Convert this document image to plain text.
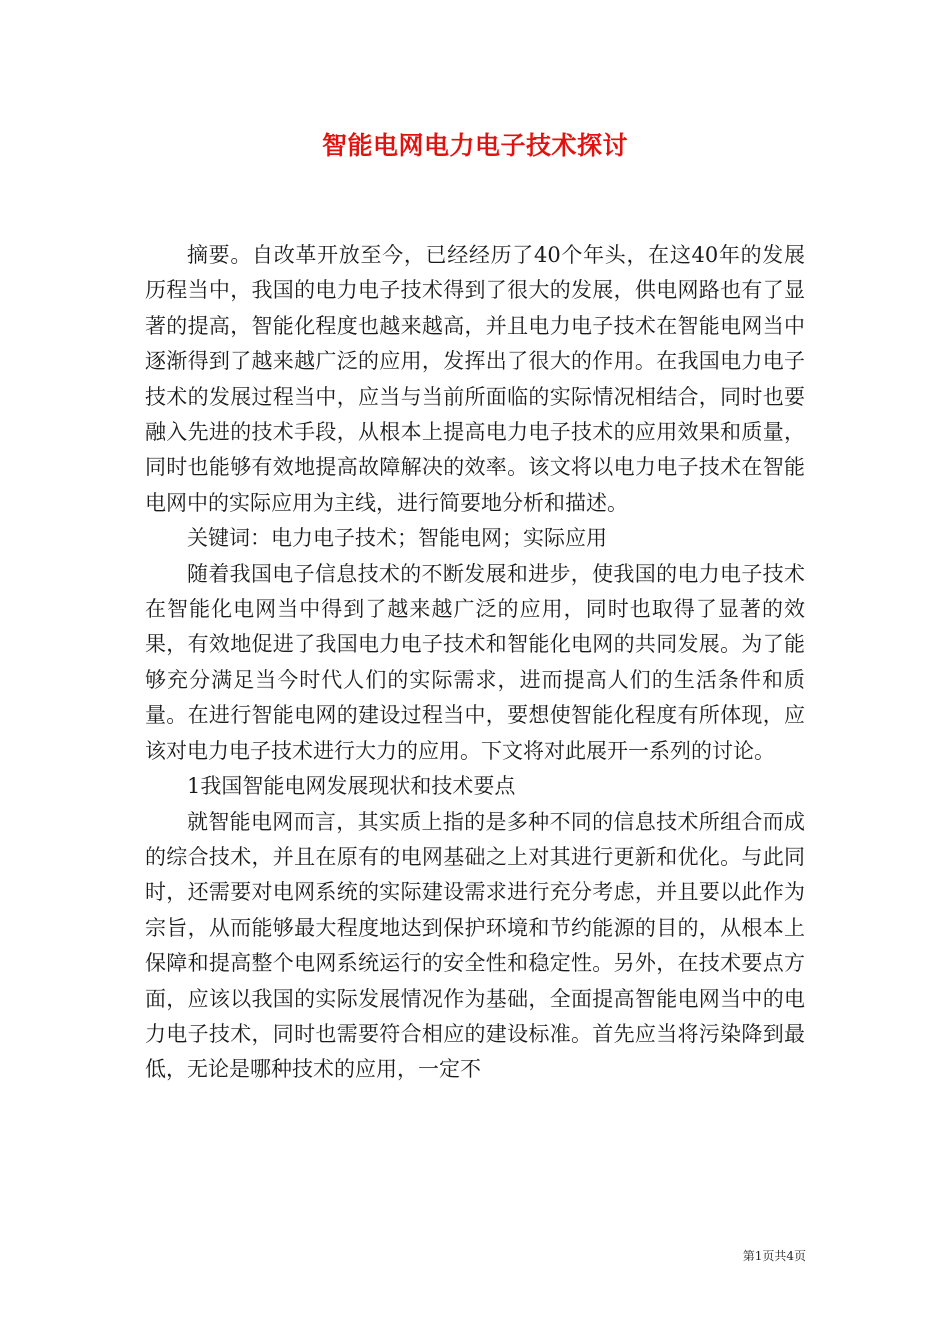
智能电网电力电子技术探讨

摘要。自改革开放至今，已经经历了40个年头，在这40年的发展历程当中，我国的电力电子技术得到了很大的发展，供电网路也有了显著的提高，智能化程度也越来越高，并且电力电子技术在智能电网当中逐渐得到了越来越广泛的应用，发挥出了很大的作用。在我国电力电子技术的发展过程当中，应当与当前所面临的实际情况相结合，同时也要融入先进的技术手段，从根本上提高电力电子技术的应用效果和质量，同时也能够有效地提高故障解决的效率。该文将以电力电子技术在智能电网中的实际应用为主线，进行简要地分析和描述。

关键词：电力电子技术；智能电网；实际应用

随着我国电子信息技术的不断发展和进步，使我国的电力电子技术在智能化电网当中得到了越来越广泛的应用，同时也取得了显著的效果，有效地促进了我国电力电子技术和智能化电网的共同发展。为了能够充分满足当今时代人们的实际需求，进而提高人们的生活条件和质量。在进行智能电网的建设过程当中，要想使智能化程度有所体现，应该对电力电子技术进行大力的应用。下文将对此展开一系列的讨论。

1我国智能电网发展现状和技术要点

就智能电网而言，其实质上指的是多种不同的信息技术所组合而成的综合技术，并且在原有的电网基础之上对其进行更新和优化。与此同时，还需要对电网系统的实际建设需求进行充分考虑，并且要以此作为宗旨，从而能够最大程度地达到保护环境和节约能源的目的，从根本上保障和提高整个电网系统运行的安全性和稳定性。另外，在技术要点方面，应该以我国的实际发展情况作为基础，全面提高智能电网当中的电力电子技术，同时也需要符合相应的建设标准。首先应当将污染降到最低，无论是哪种技术的应用，一定不

第1页共4页
